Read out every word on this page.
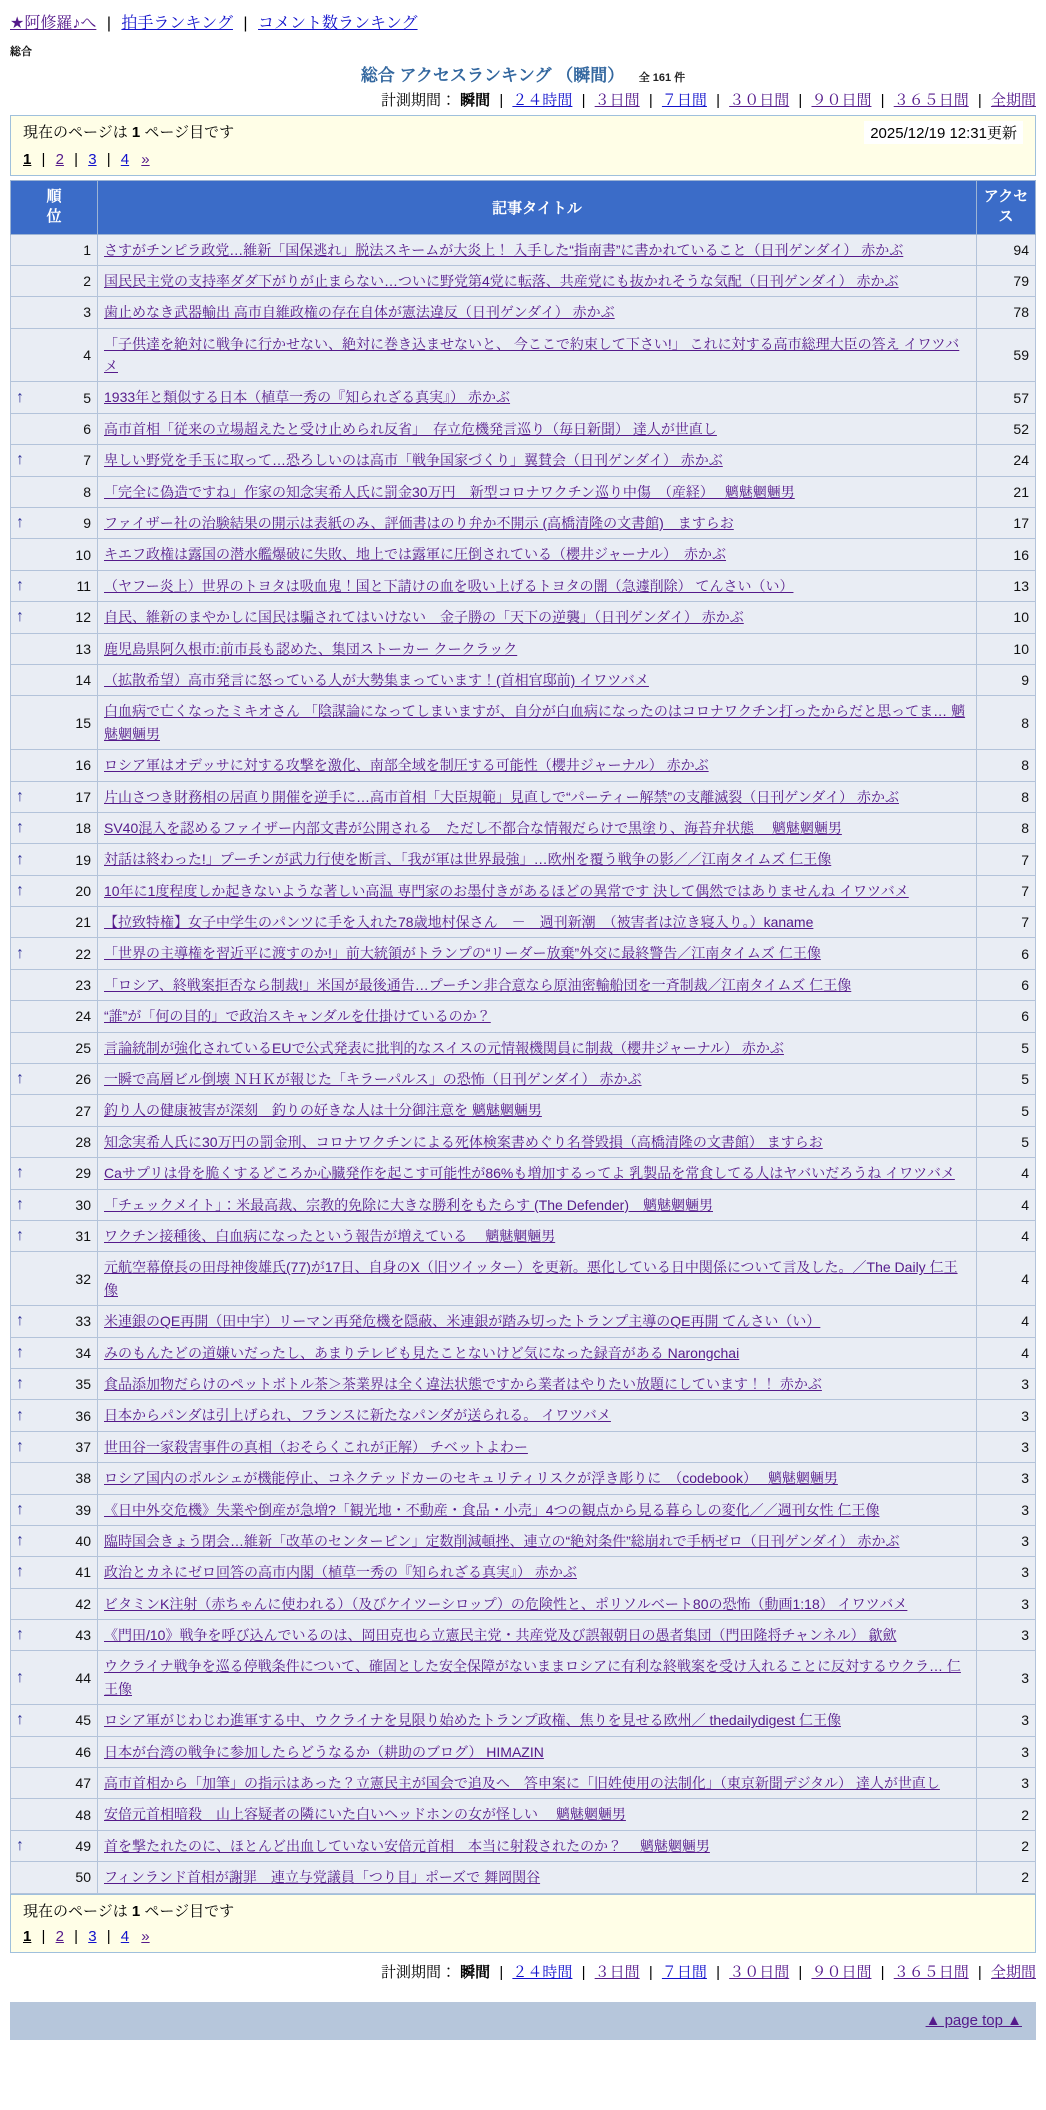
★阿修羅♪へ | 拍手ランキング | コメント数ランキング
総合
総合 アクセスランキング （瞬間） 全 161 件
計測期間： 瞬間 | ２４時間 | ３日間 | ７日間 | ３０日間 | ９０日間 | ３６５日間 | 全期間
現在のページは 1 ページ目です	2025/12/19 12:31更新
1 | 2 | 3 | 4 »
順
位	記事タイトル	アクセス

1	さすがチンピラ政党…維新「国保逃れ」脱法スキームが大炎上！ 入手した“指南書”に書かれていること（日刊ゲンダイ） 赤かぶ	94

2	国民民主党の支持率ダダ下がりが止まらない…ついに野党第4党に転落、共産党にも抜かれそうな気配（日刊ゲンダイ） 赤かぶ	79

3	歯止めなき武器輸出 高市自維政権の存在自体が憲法違反（日刊ゲンダイ） 赤かぶ	78

4	「子供達を絶対に戦争に行かせない、絶対に巻き込ませないと、 今ここで約束して下さい!」 これに対する高市総理大臣の答え イワツバメ	59

↑ 5	1933年と類似する日本（植草一秀の『知られざる真実』） 赤かぶ	57

6	高市首相「従来の立場超えたと受け止められ反省」　存立危機発言巡り（毎日新聞） 達人が世直し	52

↑ 7	卑しい野党を手玉に取って…恐ろしいのは高市「戦争国家づくり」翼賛会（日刊ゲンダイ） 赤かぶ	24

8	「完全に偽造ですね」作家の知念実希人氏に罰金30万円　新型コロナワクチン巡り中傷　（産経）　 魑魅魍魎男	21

↑ 9	ファイザー社の治験結果の開示は表紙のみ、評価書はのり弁か不開示 (高橋清隆の文書館)　ますらお	17

10	キエフ政権は露国の潜水艦爆破に失敗、地上では露軍に圧倒されている（櫻井ジャーナル）　赤かぶ	16

↑ 11	（ヤフー炎上）世界のトヨタは吸血鬼！国と下請けの血を吸い上げるトヨタの闇（急遽削除） てんさい（い）	13

↑ 12	自民、維新のまやかしに国民は騙されてはいけない　金子勝の「天下の逆襲」（日刊ゲンダイ） 赤かぶ	10

13	鹿児島県阿久根市:前市長も認めた、集団ストーカー クークラック	10

14	（拡散希望）高市発言に怒っている人が大勢集まっています！(首相官邸前) イワツバメ	9

15	白血病で亡くなったミキオさん 「陰謀論になってしまいますが、自分が白血病になったのはコロナワクチン打ったからだと思ってま… 魑魅魍魎男	8

16	ロシア軍はオデッサに対する攻撃を激化、南部全域を制圧する可能性（櫻井ジャーナル） 赤かぶ	8

↑ 17	片山さつき財務相の居直り開催を逆手に…高市首相「大臣規範」見直しで“パーティー解禁”の支離滅裂（日刊ゲンダイ） 赤かぶ	8

↑ 18	SV40混入を認めるファイザー内部文書が公開される　ただし不都合な情報だらけで黒塗り、海苔弁状態　 魑魅魍魎男	8

↑ 19	対話は終わった!」プーチンが武力行使を断言、「我が軍は世界最強」…欧州を覆う戦争の影／／江南タイムズ 仁王像	7

↑ 20	10年に1度程度しか起きないような著しい高温 専門家のお墨付きがあるほどの異常です 決して偶然ではありませんね イワツバメ	7

21	【拉致特権】女子中学生のパンツに手を入れた78歳地村保さん　－　週刊新潮　（被害者は泣き寝入り。）kaname	7

↑ 22	「世界の主導権を習近平に渡すのか!」前大統領がトランプの“リーダー放棄”外交に最終警告／江南タイムズ 仁王像	6

23	「ロシア、終戦案拒否なら制裁!」米国が最後通告…プーチン非合意なら原油密輸船団を一斉制裁／江南タイムズ 仁王像	6

24	“誰”が「何の目的」で政治スキャンダルを仕掛けているのか？	6

25	言論統制が強化されているEUで公式発表に批判的なスイスの元情報機関員に制裁（櫻井ジャーナル） 赤かぶ	5

↑ 26	一瞬で高層ビル倒壊 ＮＨＫが報じた「キラーパルス」の恐怖（日刊ゲンダイ） 赤かぶ	5

27	釣り人の健康被害が深刻　釣りの好きな人は十分御注意を 魑魅魍魎男	5

28	知念実希人氏に30万円の罰金刑、コロナワクチンによる死体検案書めぐり名誉毀損（高橋清隆の文書館） ますらお	5

↑ 29	Caサプリは骨を脆くするどころか心臓発作を起こす可能性が86%も増加するってよ 乳製品を常食してる人はヤバいだろうね イワツバメ	4

↑ 30	「チェックメイト」：米最高裁、宗教的免除に大きな勝利をもたらす (The Defender)　魑魅魍魎男	4

↑ 31	ワクチン接種後、白血病になったという報告が増えている　 魑魅魍魎男	4

32	元航空幕僚長の田母神俊雄氏(77)が17日、自身のX（旧ツイッター）を更新。悪化している日中関係について言及した。／The Daily 仁王像	4

↑ 33	米連銀のQE再開（田中宇）リーマン再発危機を隠蔽、米連銀が踏み切ったトランプ主導のQE再開 てんさい（い）	4

↑ 34	みのもんたどの道嫌いだったし、あまりテレビも見たことないけど気になった録音がある Narongchai	4

↑ 35	食品添加物だらけのペットボトル茶＞茶業界は全く違法状態ですから業者はやりたい放題にしています！！ 赤かぶ	3

↑ 36	日本からパンダは引上げられ、フランスに新たなパンダが送られる。 イワツバメ	3

↑ 37	世田谷一家殺害事件の真相（おそらくこれが正解） チベットよわー	3

38	ロシア国内のポルシェが機能停止、コネクテッドカーのセキュリティリスクが浮き彫りに　（codebook）　 魑魅魍魎男	3

↑ 39	《日中外交危機》失業や倒産が急増?「観光地・不動産・食品・小売」4つの観点から見る暮らしの変化／／週刊女性 仁王像	3

↑ 40	臨時国会きょう閉会…維新「改革のセンターピン」定数削減頓挫、連立の“絶対条件”総崩れで手柄ゼロ（日刊ゲンダイ） 赤かぶ	3

↑ 41	政治とカネにゼロ回答の高市内閣（植草一秀の『知られざる真実』） 赤かぶ	3

42	ビタミンK注射（赤ちゃんに使われる）（及びケイツーシロップ）の危険性と、ポリソルベート80の恐怖（動画1:18） イワツバメ	3

↑ 43	《門田/10》戦争を呼び込んでいるのは、岡田克也ら立憲民主党・共産党及び誤報朝日の愚者集団（門田隆将チャンネル） 歙歛	3

↑ 44	ウクライナ戦争を巡る停戦条件について、確固とした安全保障がないままロシアに有利な終戦案を受け入れることに反対するウクラ… 仁王像	3

↑ 45	ロシア軍がじわじわ進軍する中、ウクライナを見限り始めたトランプ政権、焦りを見せる欧州／ thedailydigest 仁王像	3

46	日本が台湾の戦争に参加したらどうなるか（耕助のブログ） HIMAZIN	3

47	高市首相から「加筆」の指示はあった？立憲民主が国会で追及へ　答申案に「旧姓使用の法制化」（東京新聞デジタル） 達人が世直し	3

48	安倍元首相暗殺　山上容疑者の隣にいた白いヘッドホンの女が怪しい　 魑魅魍魎男	2

↑ 49	首を撃たれたのに、ほとんど出血していない安倍元首相　本当に射殺されたのか？　 魑魅魍魎男	2

50	フィンランド首相が謝罪　連立与党議員「つり目」ポーズで 舞岡関谷	2
現在のページは 1 ページ目です
1 | 2 | 3 | 4 »
計測期間： 瞬間 | ２４時間 | ３日間 | ７日間 | ３０日間 | ９０日間 | ３６５日間 | 全期間
▲ page top ▲
